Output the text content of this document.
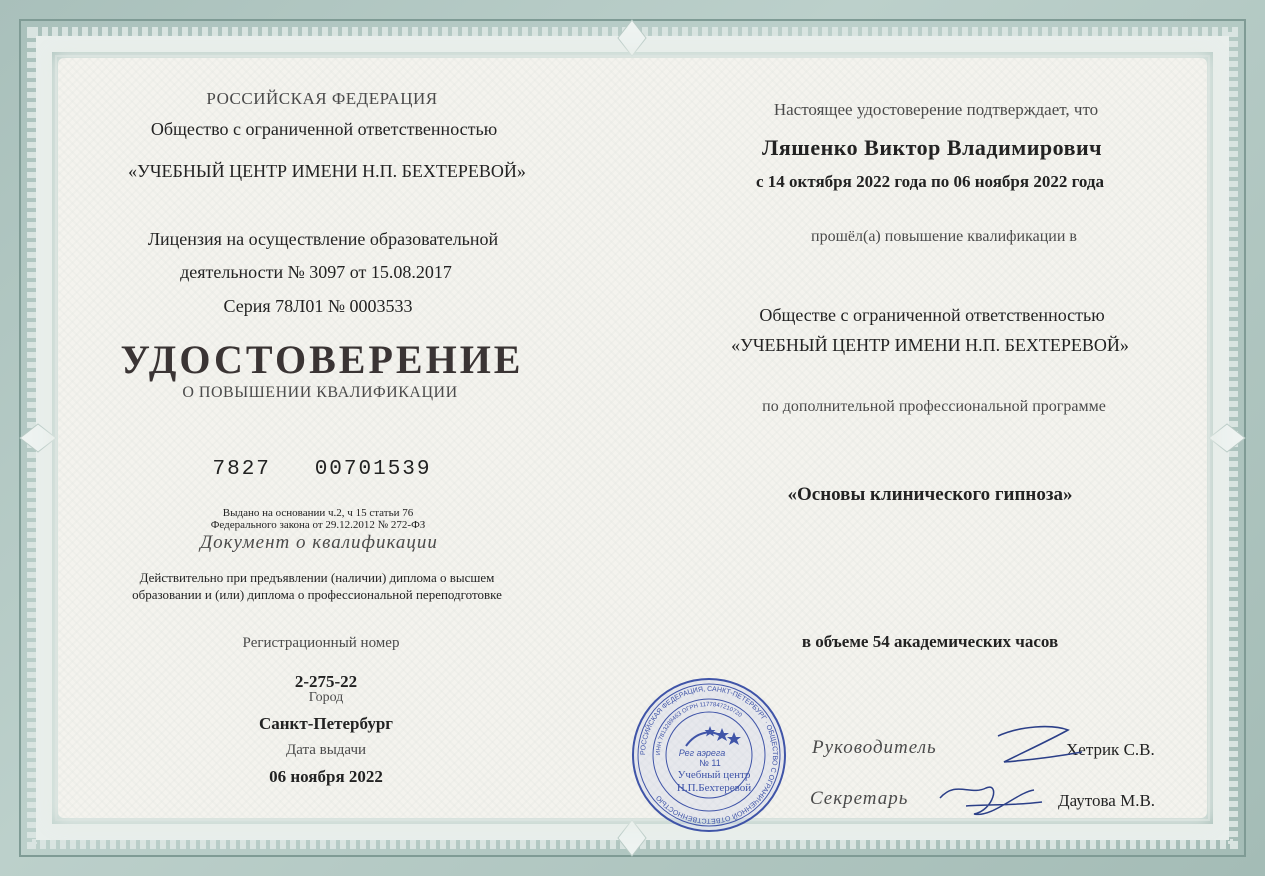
РОССИЙСКАЯ ФЕДЕРАЦИЯ
Общество с ограниченной ответственностью
«УЧЕБНЫЙ ЦЕНТР ИМЕНИ Н.П. БЕХТЕРЕВОЙ»
Лицензия на осуществление образовательной
деятельности № 3097 от 15.08.2017
Серия 78Л01 № 0003533
УДОСТОВЕРЕНИЕ
О ПОВЫШЕНИИ КВАЛИФИКАЦИИ
7827   00701539
Выдано на основании ч.2, ч 15 статьи 76
Федерального закона от 29.12.2012 № 272-ФЗ
Документ о квалификации
Действительно при предъявлении (наличии) диплома о высшем
образовании и (или) диплома о профессиональной переподготовке
Регистрационный номер
2-275-22
Город
Санкт-Петербург
Дата выдачи
06 ноября 2022
Настоящее удостоверение подтверждает, что
Ляшенко Виктор Владимирович
с 14 октября 2022 года по 06 ноября 2022 года
прошёл(а) повышение квалификации в
Обществе с ограниченной ответственностью
«УЧЕБНЫЙ ЦЕНТР ИМЕНИ Н.П. БЕХТЕРЕВОЙ»
по дополнительной профессиональной программе
«Основы клинического гипноза»
в объеме 54 академических часов
Руководитель	Хетрик С.В.
Секретарь	Даутова М.В.
РОССИЙСКАЯ ФЕДЕРАЦИЯ, САНКТ-ПЕТЕРБУРГ · ОБЩЕСТВО С ОГРАНИЧЕННОЙ ОТВЕТСТВЕННОСТЬЮ
ИНН 7813289463 ОГРН 1177847210720
Рег аэрега
№ 11
Учебный центр
Н.П.Бехтеревой
